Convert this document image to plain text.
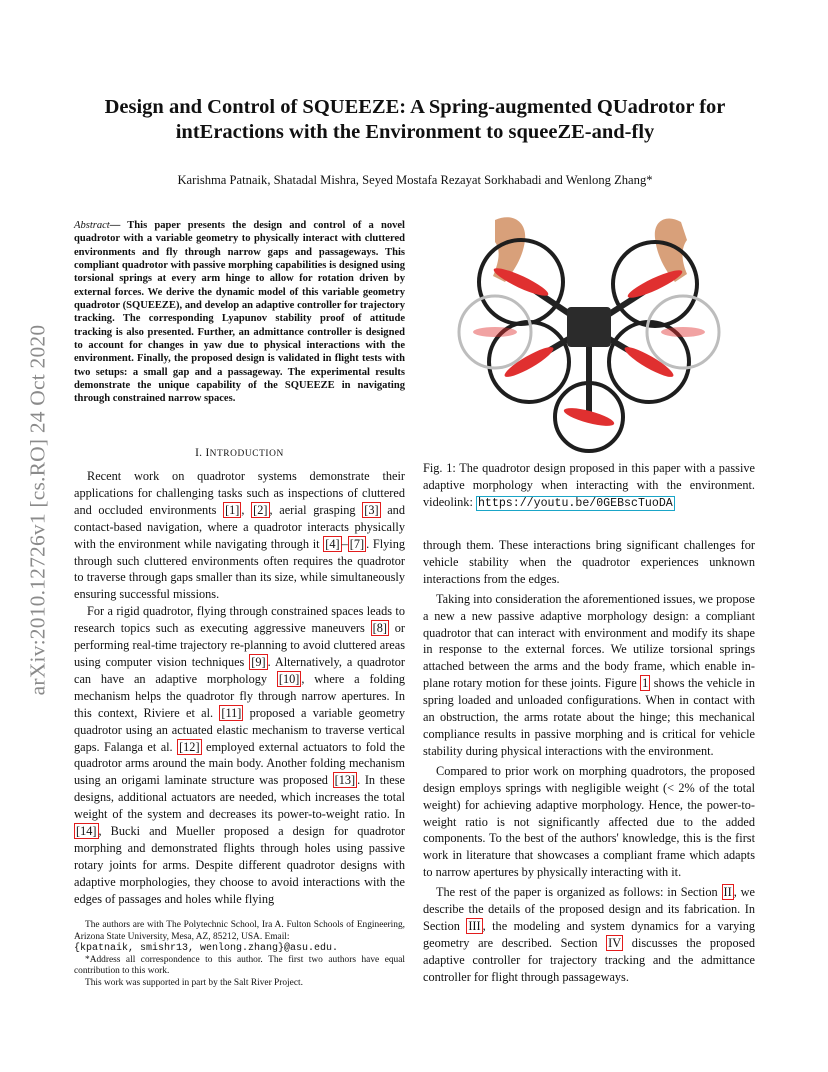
arXiv:2010.12726v1 [cs.RO] 24 Oct 2020
Design and Control of SQUEEZE: A Spring-augmented QUadrotor for
intEractions with the Environment to squeeZE-and-fly
Karishma Patnaik, Shatadal Mishra, Seyed Mostafa Rezayat Sorkhabadi and Wenlong Zhang*
Abstract— This paper presents the design and control of a novel quadrotor with a variable geometry to physically interact with cluttered environments and fly through narrow gaps and passageways. This compliant quadrotor with passive morphing capabilities is designed using torsional springs at every arm hinge to allow for rotation driven by external forces. We derive the dynamic model of this variable geometry quadrotor (SQUEEZE), and develop an adaptive controller for trajectory tracking. The corresponding Lyapunov stability proof of attitude tracking is also presented. Further, an admittance controller is designed to account for changes in yaw due to physical interactions with the environment. Finally, the proposed design is validated in flight tests with two setups: a small gap and a passageway. The experimental results demonstrate the unique capability of the SQUEEZE in navigating through constrained narrow spaces.
I. INTRODUCTION

Recent work on quadrotor systems demonstrate their applications for challenging tasks such as inspections of cluttered and occluded environments [1] , [2] , aerial grasping [3] and contact-based navigation, where a quadrotor interacts physically with the environment while navigating through it [4] – [7] . Flying through such cluttered environments often requires the quadrotor to traverse through gaps smaller than its size, while simultaneously ensuring successful missions.

For a rigid quadrotor, flying through constrained spaces leads to research topics such as executing aggressive maneuvers [8] or performing real-time trajectory re-planning to avoid cluttered areas using computer vision techniques [9] . Alternatively, a quadrotor can have an adaptive morphology [10] , where a folding mechanism helps the quadrotor fly through narrow apertures. In this context, Riviere et al. [11] proposed a variable geometry quadrotor using an actuated elastic mechanism to traverse vertical gaps. Falanga et al. [12] employed external actuators to fold the quadrotor arms around the main body. Another folding mechanism using an origami laminate structure was proposed [13] . In these designs, additional actuators are needed, which increases the total weight of the system and decreases its power-to-weight ratio. In [14] , Bucki and Mueller proposed a design for quadrotor morphing and demonstrated flights through holes using passive rotary joints for arms. Despite different quadrotor designs with adaptive morphologies, they choose to avoid interactions with the edges of passages and holes while flying

The authors are with The Polytechnic School, Ira A. Fulton Schools of Engineering, Arizona State University, Mesa, AZ, 85212, USA. Email:
{kpatnaik, smishr13, wenlong.zhang}@asu.edu.

*Address all correspondence to this author. The first two authors have equal contribution to this work.

This work was supported in part by the Salt River Project.

Fig. 1: The quadrotor design proposed in this paper with a passive adaptive morphology when interacting with the environment. videolink: https://youtu.be/0GEBscTuoDA

through them. These interactions bring significant challenges for vehicle stability when the quadrotor experiences unknown interactions from the edges.

Taking into consideration the aforementioned issues, we propose a new a new passive adaptive morphology design: a compliant quadrotor that can interact with environment and modify its shape in response to the external forces. We utilize torsional springs attached between the arms and the body frame, which enable in-plane rotary motion for these joints. Figure 1 shows the vehicle in spring loaded and unloaded configurations. When in contact with an obstruction, the arms rotate about the hinge; this mechanical compliance results in passive morphing and is critical for vehicle stability during physical interactions with the environment.

Compared to prior work on morphing quadrotors, the proposed design employs springs with negligible weight (< 2% of the total weight) for achieving adaptive morphology. Hence, the power-to-weight ratio is not significantly affected due to the added components. To the best of the authors' knowledge, this is the first work in literature that showcases a compliant frame which adapts to narrow apertures by physically interacting with it.

The rest of the paper is organized as follows: in Section II , we describe the details of the proposed design and its fabrication. In Section III , the modeling and system dynamics for a varying geometry are described. Section IV discusses the proposed adaptive controller for trajectory tracking and the admittance controller for flight through passageways.
